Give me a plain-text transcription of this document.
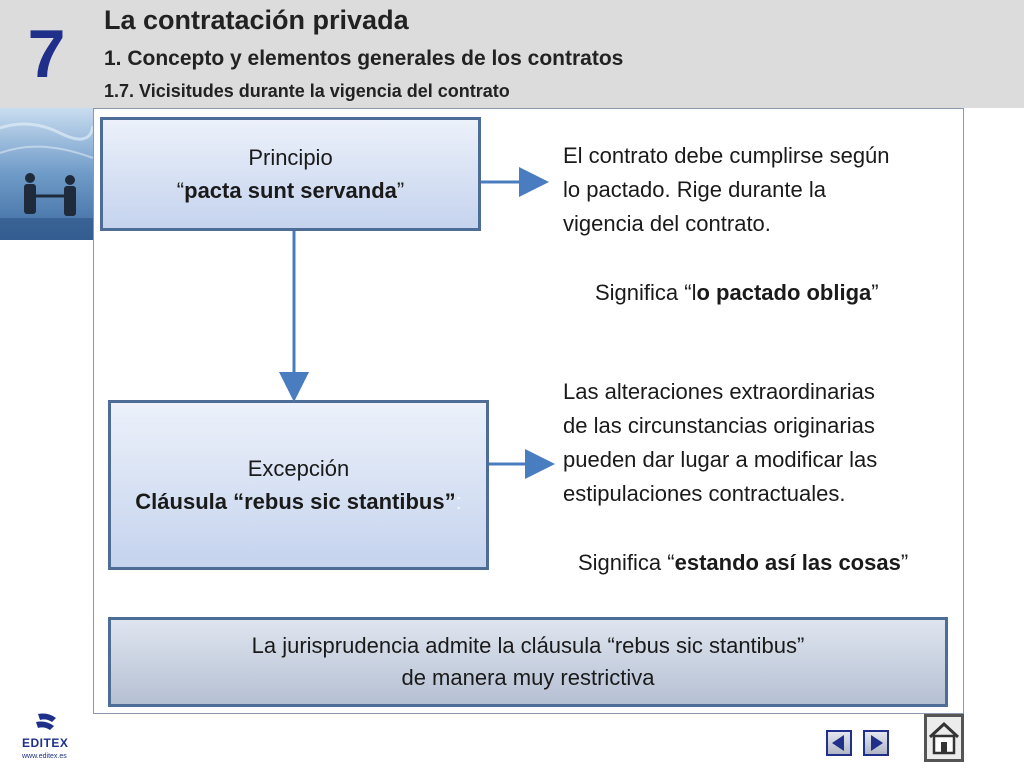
7	La contratación privada
1. Concepto y elementos generales de los contratos
1.7. Vicisitudes durante la vigencia del contrato
Principio
“pacta sunt servanda”
Excepción
Cláusula “rebus sic stantibus”:
El contrato debe cumplirse según
lo pactado. Rige durante la
vigencia del contrato.
Significa “lo pactado obliga”
Las alteraciones extraordinarias
de las circunstancias originarias
pueden dar lugar a modificar las
estipulaciones contractuales.
Significa “estando así las cosas”
La jurisprudencia admite la cláusula “rebus sic stantibus”
de manera muy restrictiva
EDITEX
www.editex.es
